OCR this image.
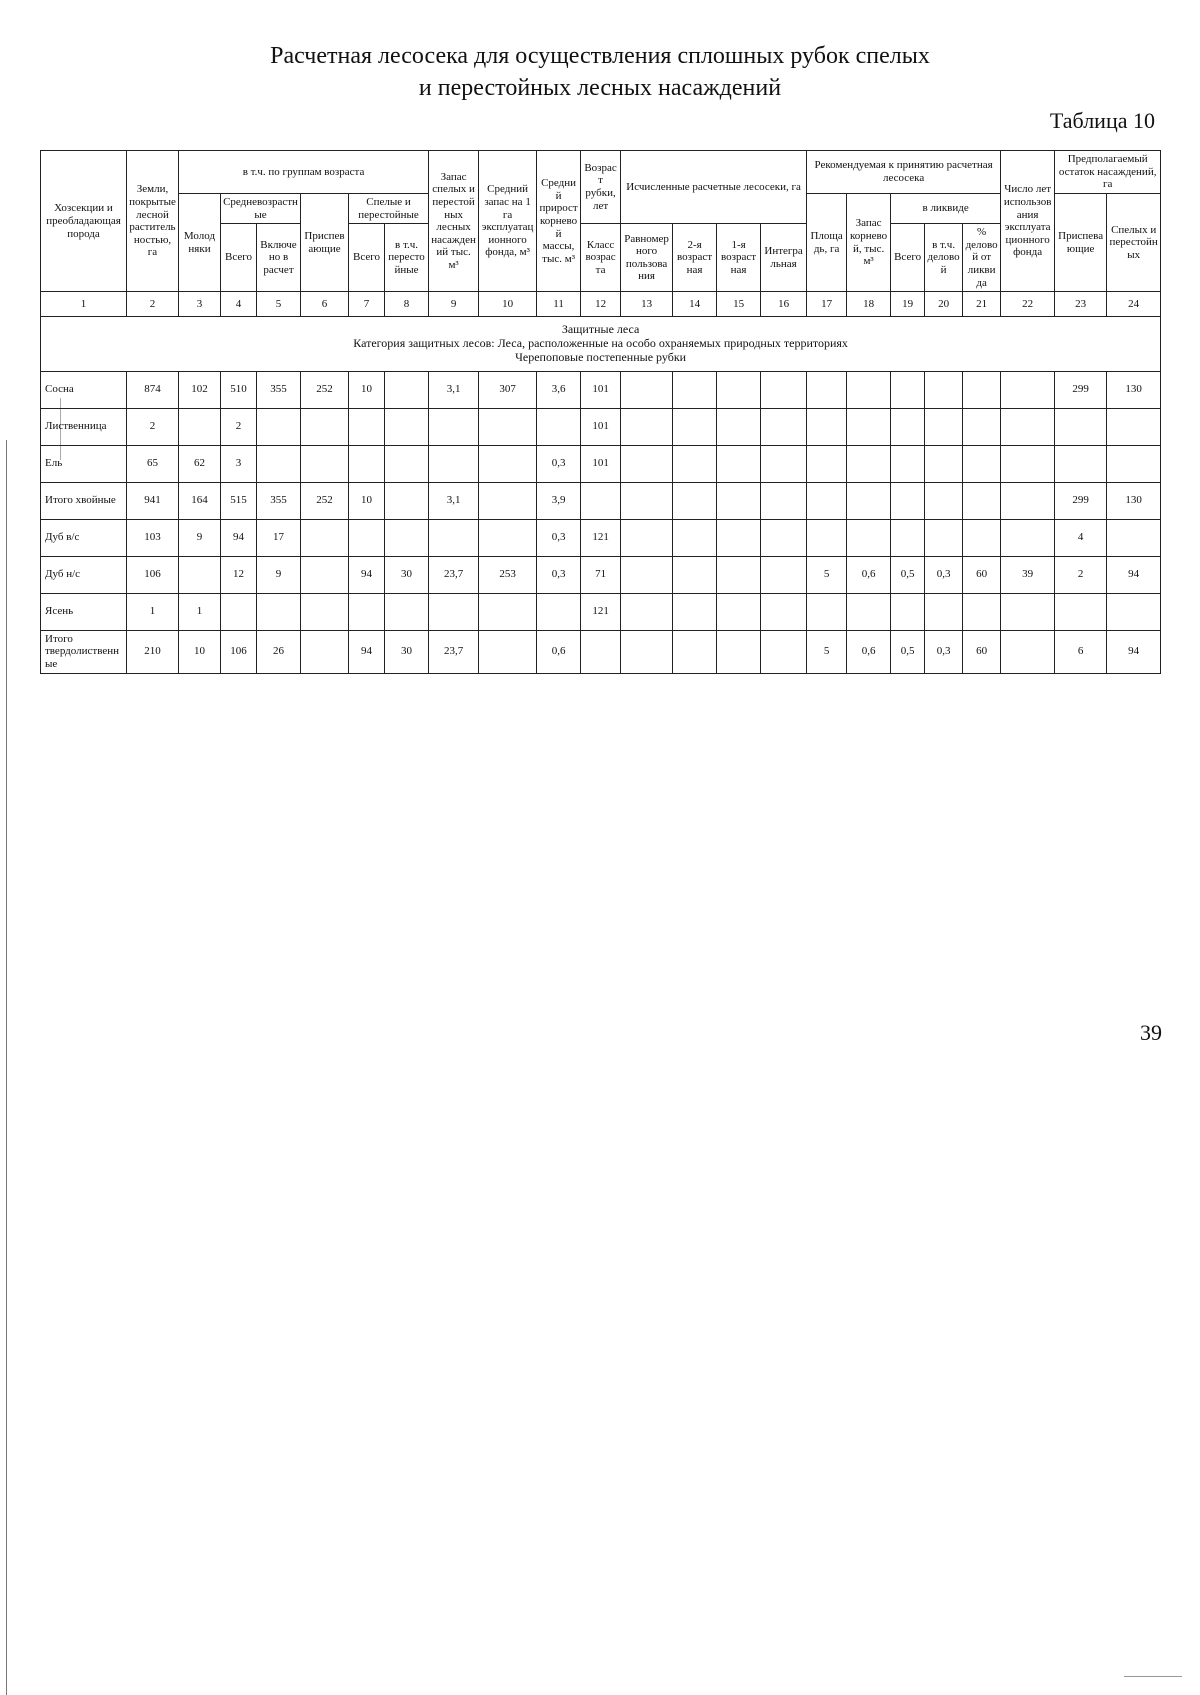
Расчетная лесосека для осуществления сплошных рубок спелых
и перестойных лесных насаждений
Таблица 10
Хозсекции и преобладающая порода	Земли, покрытые лесной растительностью, га	в т.ч. по группам возраста						Запас спелых и перестойных лесных насаждений тыс. м³	Средний запас на 1 га эксплуатационного фонда, м³	Средний прирост корневой массы, тыс. м³	Возраст рубки, лет	Исчисленные расчетные лесосеки, га				Рекомендуемая к принятию расчетная лесосека					Число лет использования эксплуатационного фонда	Предполагаемый остаток насаждений, га	
		Молодняки	Средневозрастные		Приспевающие	Спелые и перестойные										Площадь, га	Запас корневой, тыс. м³	в ликвиде				Приспевающие	Спелых и перестойных
			Всего	Включено в расчет		Всего	в т.ч. перестойные				Класс возраста	Равномерного пользования	2-я возрастная	1-я возрастная	Интегральная			Всего	в т.ч. деловой	% деловой от ликвида			
1	2	3	4	5	6	7	8	9	10	11	12	13	14	15	16	17	18	19	20	21	22	23	24

Защитные леса
Категория защитных лесов: Леса, расположенные на особо охраняемых природных территориях
Черепоповые постепенные рубки																							

Сосна	874	102	510	355	252	10		3,1	307	3,6	101											299	130
Лиственница	2		2								101												
Ель	65	62	3							0,3	101												
Итого хвойные	941	164	515	355	252	10		3,1		3,9												299	130
Дуб в/с	103	9	94	17						0,3	121											4	
Дуб н/с	106		12	9		94	30	23,7	253	0,3	71					5	0,6	0,5	0,3	60	39	2	94
Ясень	1	1									121												
Итого твердолиственные	210	10	106	26		94	30	23,7		0,6						5	0,6	0,5	0,3	60		6	94
39
